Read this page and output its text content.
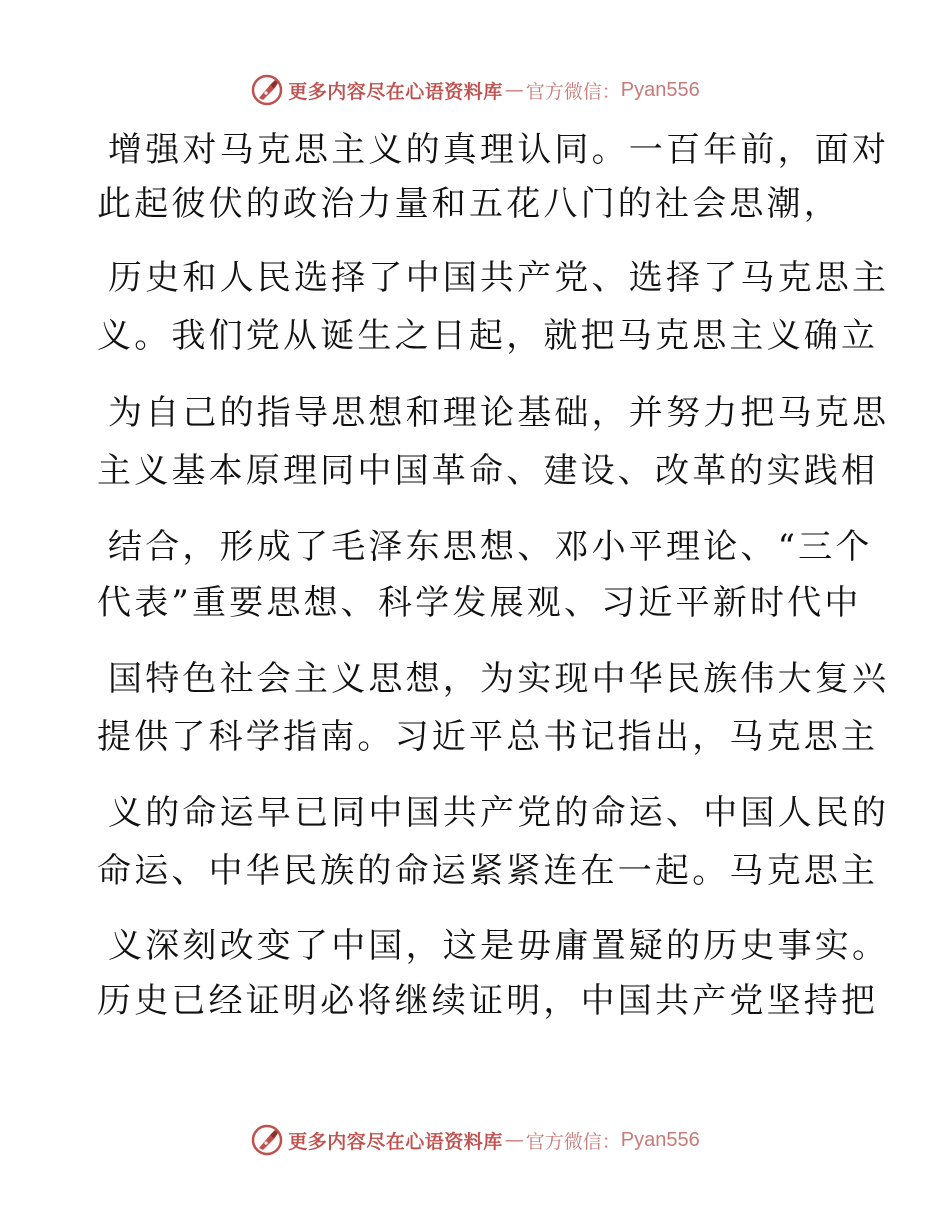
更多内容尽在心语资料库 — 官方微信： Pyan556
增强对马克思主义的真理认同。一百年前，面对
此起彼伏的政治力量和五花八门的社会思潮，
历史和人民选择了中国共产党、选择了马克思主
义。我们党从诞生之日起，就把马克思主义确立
为自己的指导思想和理论基础，并努力把马克思
主义基本原理同中国革命、建设、改革的实践相
结合，形成了毛泽东思想、邓小平理论、“三个
代表”重要思想、科学发展观、习近平新时代中
国特色社会主义思想，为实现中华民族伟大复兴
提供了科学指南。习近平总书记指出，马克思主
义的命运早已同中国共产党的命运、中国人民的
命运、中华民族的命运紧紧连在一起。马克思主
义深刻改变了中国，这是毋庸置疑的历史事实。
历史已经证明必将继续证明，中国共产党坚持把
更多内容尽在心语资料库 — 官方微信： Pyan556
